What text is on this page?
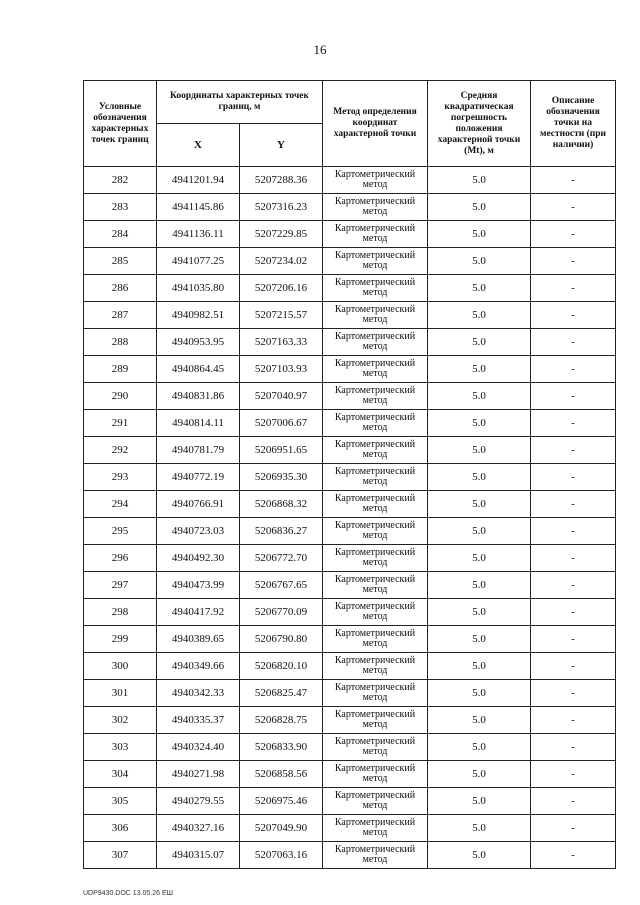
16
Условные обозначения характерных точек границ	Координаты характерных точек границ, м		Метод определения координат характерной точки	Средняя квадратическая погрешность положения характерной точки (Mt), м	Описание обозначения точки на местности (при наличии)
	X	Y			
282	4941201.94	5207288.36	Картометрический метод	5.0	-
283	4941145.86	5207316.23	Картометрический метод	5.0	-
284	4941136.11	5207229.85	Картометрический метод	5.0	-
285	4941077.25	5207234.02	Картометрический метод	5.0	-
286	4941035.80	5207206.16	Картометрический метод	5.0	-
287	4940982.51	5207215.57	Картометрический метод	5.0	-
288	4940953.95	5207163.33	Картометрический метод	5.0	-
289	4940864.45	5207103.93	Картометрический метод	5.0	-
290	4940831.86	5207040.97	Картометрический метод	5.0	-
291	4940814.11	5207006.67	Картометрический метод	5.0	-
292	4940781.79	5206951.65	Картометрический метод	5.0	-
293	4940772.19	5206935.30	Картометрический метод	5.0	-
294	4940766.91	5206868.32	Картометрический метод	5.0	-
295	4940723.03	5206836.27	Картометрический метод	5.0	-
296	4940492.30	5206772.70	Картометрический метод	5.0	-
297	4940473.99	5206767.65	Картометрический метод	5.0	-
298	4940417.92	5206770.09	Картометрический метод	5.0	-
299	4940389.65	5206790.80	Картометрический метод	5.0	-
300	4940349.66	5206820.10	Картометрический метод	5.0	-
301	4940342.33	5206825.47	Картометрический метод	5.0	-
302	4940335.37	5206828.75	Картометрический метод	5.0	-
303	4940324.40	5206833.90	Картометрический метод	5.0	-
304	4940271.98	5206858.56	Картометрический метод	5.0	-
305	4940279.55	5206975.46	Картометрический метод	5.0	-
306	4940327.16	5207049.90	Картометрический метод	5.0	-
307	4940315.07	5207063.16	Картометрический метод	5.0	-
UDP9430.DOC 13.05.26 ЕШ
